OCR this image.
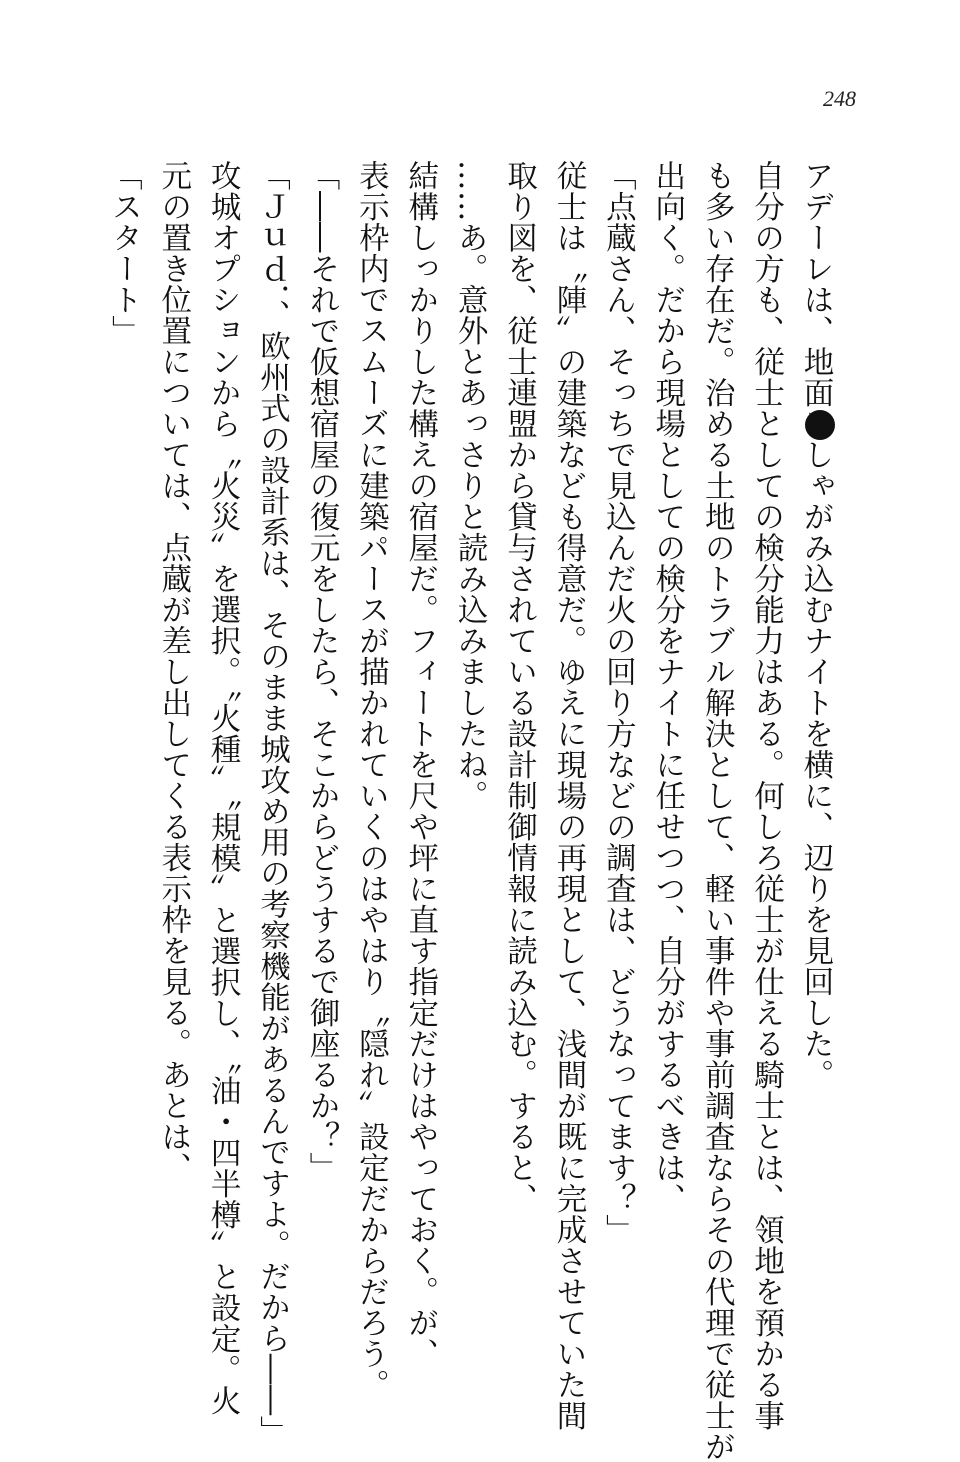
248
アデーレは、地面にしゃがみ込むナイトを横に、辺りを見回した。
自分の方も、従士としての検分能力はある。何しろ従士が仕える騎士とは、領地を預かる事
も多い存在だ。治める土地のトラブル解決として、軽い事件や事前調査ならその代理で従士が
出向く。だから現場としての検分をナイトに任せつつ、自分がするべきは、
「点蔵さん、そっちで見込んだ火の回り方などの調査は、どうなってます？」
従士は〝陣〟の建築なども得意だ。ゆえに現場の再現として、浅間が既に完成させていた間
取り図を、従士連盟から貸与されている設計制御情報に読み込む。すると、
……あ。意外とあっさりと読み込みましたね。
結構しっかりした構えの宿屋だ。フィートを尺や坪に直す指定だけはやっておく。が、
表示枠内でスムーズに建築パースが描かれていくのはやはり〝隠れ〟設定だからだろう。
「――それで仮想宿屋の復元をしたら、そこからどうするで御座るか？」
「Ｊｕｄ．、欧州式の設計系は、そのまま城攻め用の考察機能があるんですよ。だから――」
攻城オプションから〝火災〟を選択。〝火種〟〝規模〟と選択し、〝油・四半樽〟と設定。火
元の置き位置については、点蔵が差し出してくる表示枠を見る。あとは、
「スタート」
